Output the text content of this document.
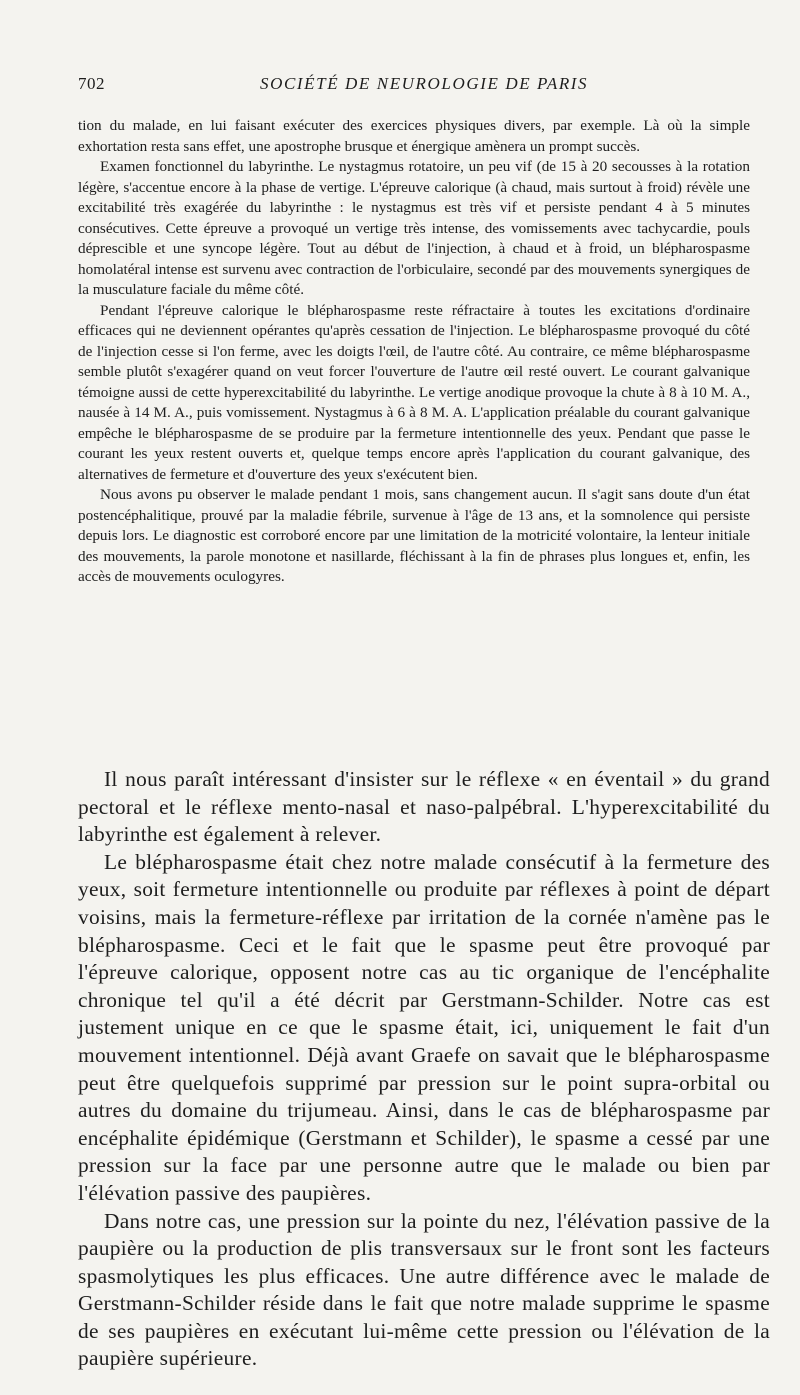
702	SOCIÉTÉ DE NEUROLOGIE DE PARIS

tion du malade, en lui faisant exécuter des exercices physiques divers, par exemple. Là où la simple exhortation resta sans effet, une apostrophe brusque et énergique amènera un prompt succès.

Examen fonctionnel du labyrinthe. Le nystagmus rotatoire, un peu vif (de 15 à 20 secousses à la rotation légère, s'accentue encore à la phase de vertige. L'épreuve calorique (à chaud, mais surtout à froid) révèle une excitabilité très exagérée du labyrinthe : le nystagmus est très vif et persiste pendant 4 à 5 minutes consécutives. Cette épreuve a provoqué un vertige très intense, des vomissements avec tachycardie, pouls déprescible et une syncope légère. Tout au début de l'injection, à chaud et à froid, un blépharospasme homolatéral intense est survenu avec contraction de l'orbiculaire, secondé par des mouvements synergiques de la musculature faciale du même côté.

Pendant l'épreuve calorique le blépharospasme reste réfractaire à toutes les excitations d'ordinaire efficaces qui ne deviennent opérantes qu'après cessation de l'injection. Le blépharospasme provoqué du côté de l'injection cesse si l'on ferme, avec les doigts l'œil, de l'autre côté. Au contraire, ce même blépharospasme semble plutôt s'exagérer quand on veut forcer l'ouverture de l'autre œil resté ouvert. Le courant galvanique témoigne aussi de cette hyperexcitabilité du labyrinthe. Le vertige anodique provoque la chute à 8 à 10 M. A., nausée à 14 M. A., puis vomissement. Nystagmus à 6 à 8 M. A. L'application préalable du courant galvanique empêche le blépharospasme de se produire par la fermeture intentionnelle des yeux. Pendant que passe le courant les yeux restent ouverts et, quelque temps encore après l'application du courant galvanique, des alternatives de fermeture et d'ouverture des yeux s'exécutent bien.

Nous avons pu observer le malade pendant 1 mois, sans changement aucun. Il s'agit sans doute d'un état postencéphalitique, prouvé par la maladie fébrile, survenue à l'âge de 13 ans, et la somnolence qui persiste depuis lors. Le diagnostic est corroboré encore par une limitation de la motricité volontaire, la lenteur initiale des mouvements, la parole monotone et nasillarde, fléchissant à la fin de phrases plus longues et, enfin, les accès de mouvements oculogyres.

Il nous paraît intéressant d'insister sur le réflexe « en éventail » du grand pectoral et le réflexe mento-nasal et naso-palpébral. L'hyperexcitabilité du labyrinthe est également à relever.

Le blépharospasme était chez notre malade consécutif à la fermeture des yeux, soit fermeture intentionnelle ou produite par réflexes à point de départ voisins, mais la fermeture-réflexe par irritation de la cornée n'amène pas le blépharospasme. Ceci et le fait que le spasme peut être provoqué par l'épreuve calorique, opposent notre cas au tic organique de l'encéphalite chronique tel qu'il a été décrit par Gerstmann-Schilder. Notre cas est justement unique en ce que le spasme était, ici, uniquement le fait d'un mouvement intentionnel. Déjà avant Graefe on savait que le blépharospasme peut être quelquefois supprimé par pression sur le point supra-orbital ou autres du domaine du trijumeau. Ainsi, dans le cas de blépharospasme par encéphalite épidémique (Gerstmann et Schilder), le spasme a cessé par une pression sur la face par une personne autre que le malade ou bien par l'élévation passive des paupières.

Dans notre cas, une pression sur la pointe du nez, l'élévation passive de la paupière ou la production de plis transversaux sur le front sont les facteurs spasmolytiques les plus efficaces. Une autre différence avec le malade de Gerstmann-Schilder réside dans le fait que notre malade supprime le spasme de ses paupières en exécutant lui-même cette pression ou l'élévation de la paupière supérieure.
